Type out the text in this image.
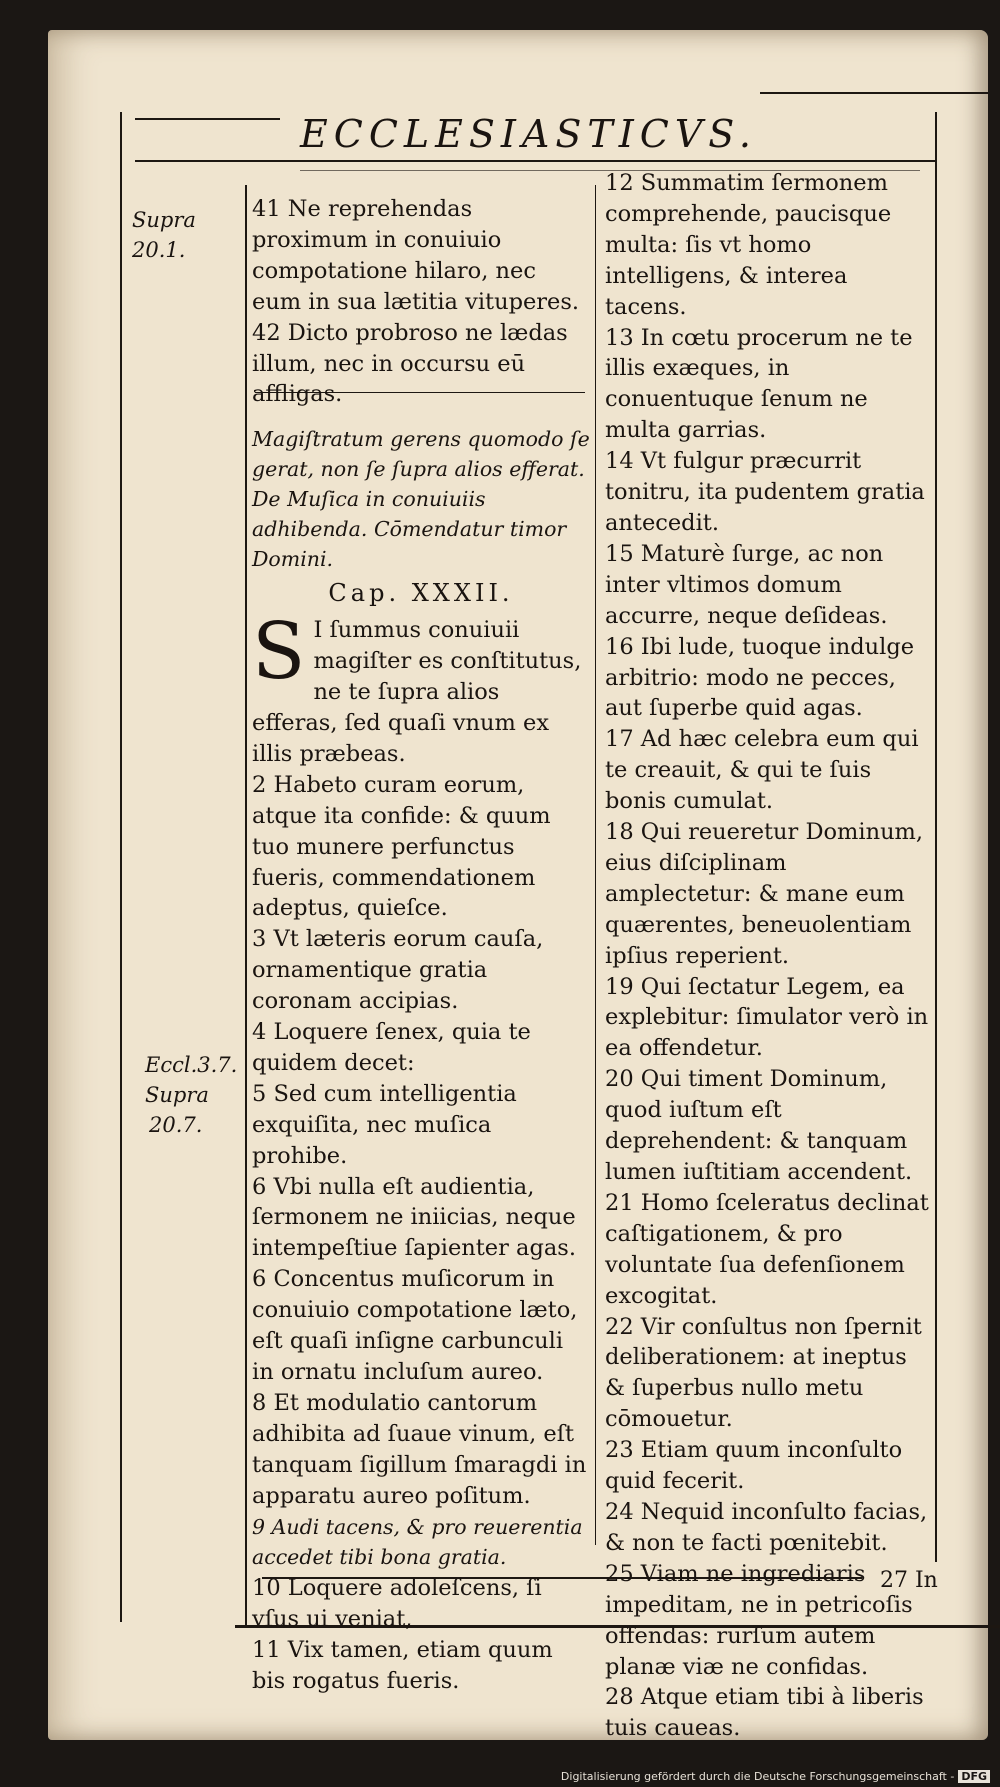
ECCLESIASTICVS.
Supra
20.1.
Eccl.3.7.
Supra
20.7.

41 Ne reprehendas proximum in conuiuio compotatione hilaro, nec eum in sua lætitia vituperes.

42 Dicto probroso ne lædas illum, nec in occursu eū affligas.

Magiſtratum gerens quomodo ſe gerat, non ſe ſupra alios efferat. De Muſica in conuiuiis adhibenda. Cōmendatur timor Domini.

Cap. XXXII.

S I ſummus conuiuii magiſter es conſtitutus, ne te ſupra alios efferas, ſed quaſi vnum ex illis præbeas.

2 Habeto curam eorum, atque ita confide: & quum tuo munere perfunctus fueris, commendationem adeptus, quieſce.

3 Vt læteris eorum cauſa, ornamentique gratia coronam accipias.

4 Loquere ſenex, quia te quidem decet:

5 Sed cum intelligentia exquiſita, nec muſica prohibe.

6 Vbi nulla eſt audientia, ſermonem ne iniicias, neque intempeſtiue ſapienter agas.

6 Concentus muſicorum in conuiuio compotatione læto, eſt quaſi inſigne carbunculi in ornatu incluſum aureo.

8 Et modulatio cantorum adhibita ad ſuaue vinum, eſt tanquam ſigillum ſmaragdi in apparatu aureo poſitum.

9 Audi tacens, & pro reuerentia accedet tibi bona gratia.

10 Loquere adoleſcens, ſi vſus ui veniat,

11 Vix tamen, etiam quum bis rogatus fueris.

12 Summatim ſermonem comprehende, paucisque multa: ſis vt homo intelligens, & interea tacens.

13 In cœtu procerum ne te illis exæques, in conuentuque ſenum ne multa garrias.

14 Vt fulgur præcurrit tonitru, ita pudentem gratia antecedit.

15 Maturè ſurge, ac non inter vltimos domum accurre, neque deſideas.

16 Ibi lude, tuoque indulge arbitrio: modo ne pecces, aut ſuperbe quid agas.

17 Ad hæc celebra eum qui te creauit, & qui te ſuis bonis cumulat.

18 Qui reueretur Dominum, eius diſciplinam amplectetur: & mane eum quærentes, beneuolentiam ipſius reperient.

19 Qui ſectatur Legem, ea explebitur: ſimulator verò in ea offendetur.

20 Qui timent Dominum, quod iuſtum eſt deprehendent: & tanquam lumen iuſtitiam accendent.

21 Homo ſceleratus declinat caſtigationem, & pro voluntate ſua defenſionem excogitat.

22 Vir conſultus non ſpernit deliberationem: at ineptus & ſuperbus nullo metu cōmouetur.

23 Etiam quum inconſulto quid fecerit.

24 Nequid inconſulto facias, & non te facti pœnitebit.

25 Viam ne ingrediaris impeditam, ne in petricoſis offendas: rurſum autem planæ viæ ne confidas.

28 Atque etiam tibi à liberis tuis caueas.

27 In
Digitalisierung gefördert durch die Deutsche Forschungsgemeinschaft - DFG
